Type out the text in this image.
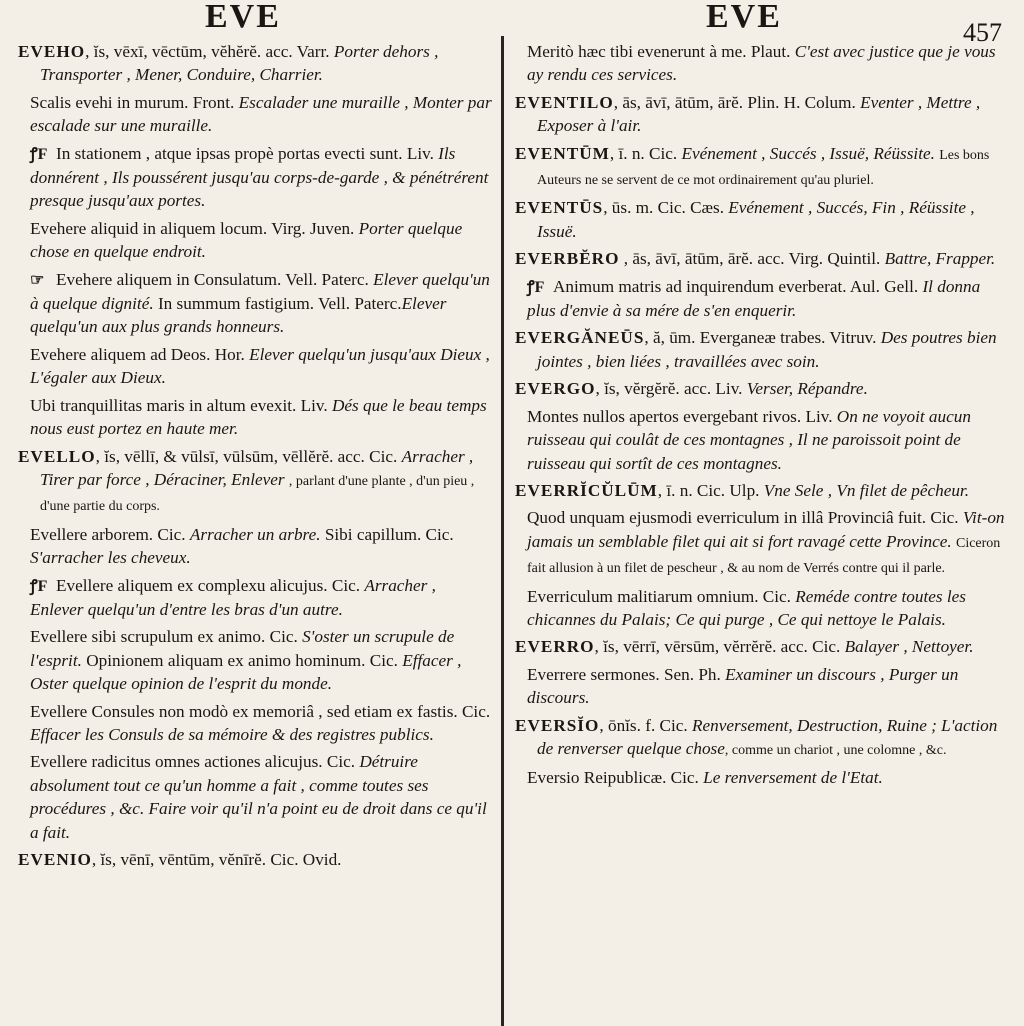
EVE	EVE	457
EVEHO, ĭs, vēxī, vēctūm, vĕhĕrĕ. acc. Varr. Porter dehors , Transporter , Mener, Conduire, Charrier.
Scalis evehi in murum. Front. Escalader une muraille , Monter par escalade sur une muraille.
ꝭF In stationem , atque ipsas propè portas evecti sunt. Liv. Ils donnérent , Ils poussérent jusqu'au corps-de-garde , & pénétrérent presque jusqu'aux portes.
Evehere aliquid in aliquem locum. Virg. Juven. Porter quelque chose en quelque endroit.
☞ Evehere aliquem in Consulatum. Vell. Paterc. Elever quelqu'un à quelque dignité. In summum fastigium. Vell. Paterc.Elever quelqu'un aux plus grands honneurs.
Evehere aliquem ad Deos. Hor. Elever quelqu'un jusqu'aux Dieux , L'égaler aux Dieux.
Ubi tranquillitas maris in altum evexit. Liv. Dés que le beau temps nous eust portez en haute mer.
EVELLO, ĭs, vēllī, & vūlsī, vūlsūm, vēllĕrĕ. acc. Cic. Arracher , Tirer par force , Déraciner, Enlever , parlant d'une plante , d'un pieu , d'une partie du corps.
Evellere arborem. Cic. Arracher un arbre. Sibi capillum. Cic. S'arracher les cheveux.
ꝭF Evellere aliquem ex complexu alicujus. Cic. Arracher , Enlever quelqu'un d'entre les bras d'un autre.
Evellere sibi scrupulum ex animo. Cic. S'oster un scrupule de l'esprit. Opinionem aliquam ex animo hominum. Cic. Effacer , Oster quelque opinion de l'esprit du monde.
Evellere Consules non modò ex memoriâ , sed etiam ex fastis. Cic. Effacer les Consuls de sa mémoire & des registres publics.
Evellere radicitus omnes actiones alicujus. Cic. Détruire absolument tout ce qu'un homme a fait , comme toutes ses procédures , &c. Faire voir qu'il n'a point eu de droit dans ce qu'il a fait.
EVENIO, ĭs, vēnī, vēntūm, vĕnīrĕ. Cic. Ovid.
Meritò hæc tibi evenerunt à me. Plaut. C'est avec justice que je vous ay rendu ces services.
EVENTILO, ās, āvī, ātūm, ārĕ. Plin. H. Colum. Eventer , Mettre , Exposer à l'air.
EVENTŪM, ī. n. Cic. Evénement , Succés , Issuë, Réüssite. Les bons Auteurs ne se servent de ce mot ordinairement qu'au pluriel.
EVENTŪS, ūs. m. Cic. Cæs. Evénement , Succés, Fin , Réüssite , Issuë.
EVERBĔRO , ās, āvī, ātūm, ārĕ. acc. Virg. Quintil. Battre, Frapper.
ꝭF Animum matris ad inquirendum everberat. Aul. Gell. Il donna plus d'envie à sa mére de s'en enquerir.
EVERGĂNEŪS, ă, ūm. Everganeæ trabes. Vitruv. Des poutres bien jointes , bien liées , travaillées avec soin.
EVERGO, ĭs, vĕrgĕrĕ. acc. Liv. Verser, Répandre.
Montes nullos apertos evergebant rivos. Liv. On ne voyoit aucun ruisseau qui coulât de ces montagnes , Il ne paroissoit point de ruisseau qui sortît de ces montagnes.
EVERRĬCŬLŪM, ī. n. Cic. Ulp. Vne Sele , Vn filet de pêcheur.
Quod unquam ejusmodi everriculum in illâ Provinciâ fuit. Cic. Vit-on jamais un semblable filet qui ait si fort ravagé cette Province. Ciceron fait allusion à un filet de pescheur , & au nom de Verrés contre qui il parle.
Everriculum malitiarum omnium. Cic. Reméde contre toutes les chicannes du Palais; Ce qui purge , Ce qui nettoye le Palais.
EVERRO, ĭs, vērrī, vērsūm, vĕrrĕrĕ. acc. Cic. Balayer , Nettoyer.
Everrere sermones. Sen. Ph. Examiner un discours , Purger un discours.
EVERSĬO, ōnĭs. f. Cic. Renversement, Destruction, Ruine ; L'action de renverser quelque chose, comme un chariot , une colomne , &c.
Eversio Reipublicæ. Cic. Le renversement de l'Etat.
